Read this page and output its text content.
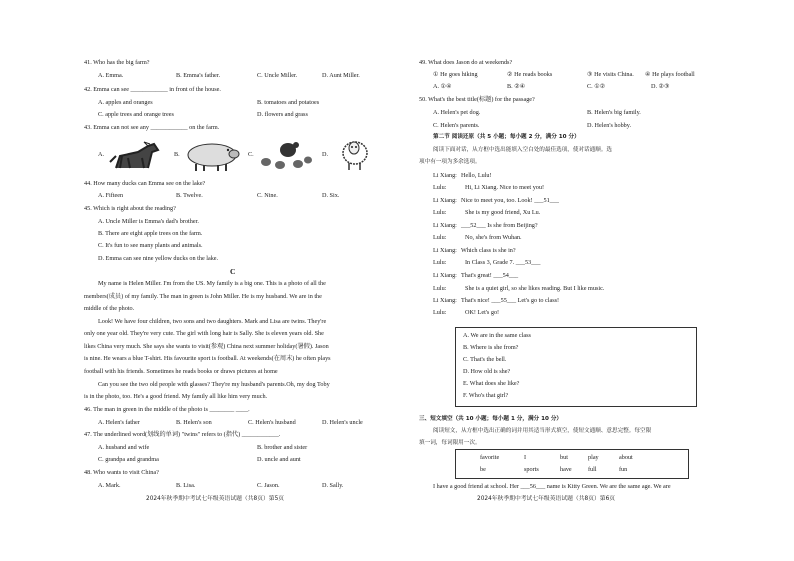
41. Who has the big farm?
A. Emma.	B. Emma's father.	C. Uncle Miller.	D. Aunt Miller.
42. Emma can see ____________ in front of the house.
A. apples and oranges	B. tomatoes and potatoes
C. apple trees and orange trees	D. flowers and grass
43. Emma can not see any ____________ on the farm.
A.	B.	C.	D.
44. How many ducks can Emma see on the lake?
A. Fifteen	B. Twelve.	C. Nine.	D. Six.
45. Which is right about the reading?
A. Uncle Miller is Emma's dad's brother.
B. There are eight apple trees on the farm.
C. It's fun to see many plants and animals.
D. Emma can see nine yellow ducks on the lake.
C
My name is Helen Miller. I'm from the US. My family is a big one. This is a photo of all the
members(成员) of my family. The man in green is John Miller. He is my husband. We are in the
middle of the photo.
Look! We have four children, two sons and two daughters. Mark and Lisa are twins. They're
only one year old. They're very cute. The girl with long hair is Sally. She is eleven years old. She
likes China very much. She says she wants to visit(参观) China next summer holiday(暑假). Jason
is nine. He wears a blue T-shirt. His favourite sport is football. At weekends(在周末) he often plays
football with his friends. Sometimes he reads books or draws pictures at home
Can you see the two old people with glasses? They're my husband's parents.Oh, my dog Toby
is in the photo, too. He's a good friend. My family all like him very much.
46. The man in green in the middle of the photo is ________ ____.
A. Helen's father	B. Helen's son	C. Helen's husband	D. Helen's uncle
47. The underlined word(划线的单词) "twins" refers to (指代) ____________.
A. husband and wife	B. brother and sister
C. grandpa and grandma	D. uncle and aunt
48. Who wants to visit China?
A. Mark.	B. Lisa.	C. Jason.	D. Sally.
2024年秋季期中考试七年级英语试题（共8页）第5页
49. What does Jason do at weekends?
① He goes hiking	② He reads books	③ He visits China. ④ He plays football
A. ①④	B. ②④	C. ①②	D. ②③
50. What's the best title(标题) for the passage?
A. Helen's pet dog.	B. Helen's big family.
C. Helen's parents.	D. Helen's hobby.
第二节 阅读还原（共 5 小题；每小题 2 分，满分 10 分）
阅读下面对话，从方框中选出能填入空白处的最佳选项，使对话通顺。选
项中有一项为多余选项。
Li Xiang: Hello, Lulu!
Lulu:	Hi, Li Xiang. Nice to meet you!
Li Xiang: Nice to meet you, too. Look! ___51___
Lulu:	She is my good friend, Xu Lu.
Li Xiang: ___52___ Is she from Beijing?
Lulu:	No, she's from Wuhan.
Li Xiang: Which class is she in?
Lulu:	In Class 3, Grade 7. ___53___
Li Xiang: That's great! ___54___
Lulu:	She is a quiet girl, so she likes reading. But I like music.
Li Xiang: That's nice! ___55___ Let's go to class!
Lulu:	OK! Let's go!
A. We are in the same class
B. Where is she from?
C. That's the bell.
D. How old is she?
E. What does she like?
F. Who's that girl?
三、短文填空（共 10 小题；每小题 1 分，满分 10 分）
阅读短文，从方框中选出正确的词并用其适当形式填空，使短文通顺、意思完整。每空限
填一词，每词限用一次。
favorite	I	but	play	about
be	sports	have	full	fun
I have a good friend at school. Her ___56___ name is Kitty Green. We are the same age. We are
2024年秋季期中考试七年级英语试题（共8页）第6页
